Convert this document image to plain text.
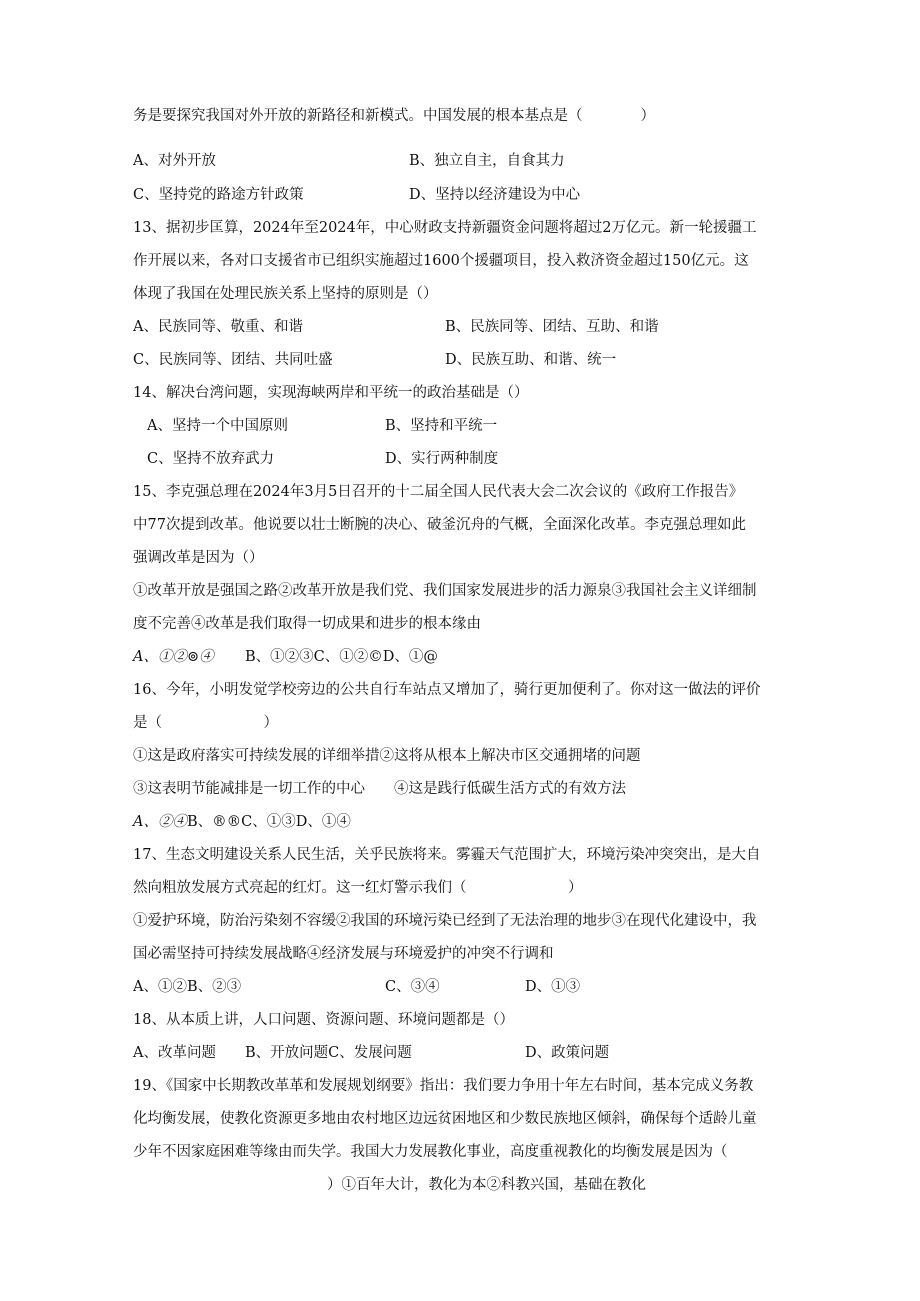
务是要探究我国对外开放的新路径和新模式。中国发展的根本基点是（　　　　）
A、对外开放	B、独立自主，自食其力
C、坚持党的路途方针政策	D、坚持以经济建设为中心
13、据初步匡算，2024年至2024年，中心财政支持新疆资金问题将超过2万亿元。新一轮援疆工
作开展以来，各对口支援省市已组织实施超过1600个援疆项目，投入救济资金超过150亿元。这
体现了我国在处理民族关系上坚持的原则是（）
A、民族同等、敬重、和谐	B、民族同等、团结、互助、和谐
C、民族同等、团结、共同吐盛	D、民族互助、和谐、统一
14、解决台湾问题，实现海峡两岸和平统一的政治基础是（）
A、坚持一个中国原则	B、坚持和平统一
C、坚持不放弃武力	D、实行两种制度
15、李克强总理在2024年3月5日召开的十二届全国人民代表大会二次会议的《政府工作报告》
中77次提到改革。他说要以壮士断腕的决心、破釜沉舟的气概，全面深化改革。李克强总理如此
强调改革是因为（）
①改革开放是强国之路②改革开放是我们党、我们国家发展进步的活力源泉③我国社会主义详细制
度不完善④改革是我们取得一切成果和进步的根本缘由
A、①②⊚④ B、①②③C、①②©D、①@
16、今年，小明发觉学校旁边的公共自行车站点又增加了，骑行更加便利了。你对这一做法的评价
是（　　　　　　　）
①这是政府落实可持续发展的详细举措②这将从根本上解决市区交通拥堵的问题
③这表明节能减排是一切工作的中心　　④这是践行低碳生活方式的有效方法
A、②④ B、®®C、①③D、①④
17、生态文明建设关系人民生活，关乎民族将来。雾霾天气范围扩大，环境污染冲突突出，是大自
然向粗放发展方式亮起的红灯。这一红灯警示我们（　　　　　　　）
①爱护环境，防治污染刻不容缓②我国的环境污染已经到了无法治理的地步③在现代化建设中，我
国必需坚持可持续发展战略④经济发展与环境爱护的冲突不行调和
A、①②B、②③	C、③④	D、①③
18、从本质上讲，人口问题、资源问题、环境问题都是（）
A、改革问题　　B、开放问题C、发展问题	D、政策问题
19、《国家中长期教改革革和发展规划纲要》指出：我们要力争用十年左右时间，基本完成义务教
化均衡发展，使教化资源更多地由农村地区边远贫困地区和少数民族地区倾斜，确保每个适龄儿童
少年不因家庭困难等缘由而失学。我国大力发展教化事业，高度重视教化的均衡发展是因为（
）①百年大计，教化为本②科教兴国，基础在教化
